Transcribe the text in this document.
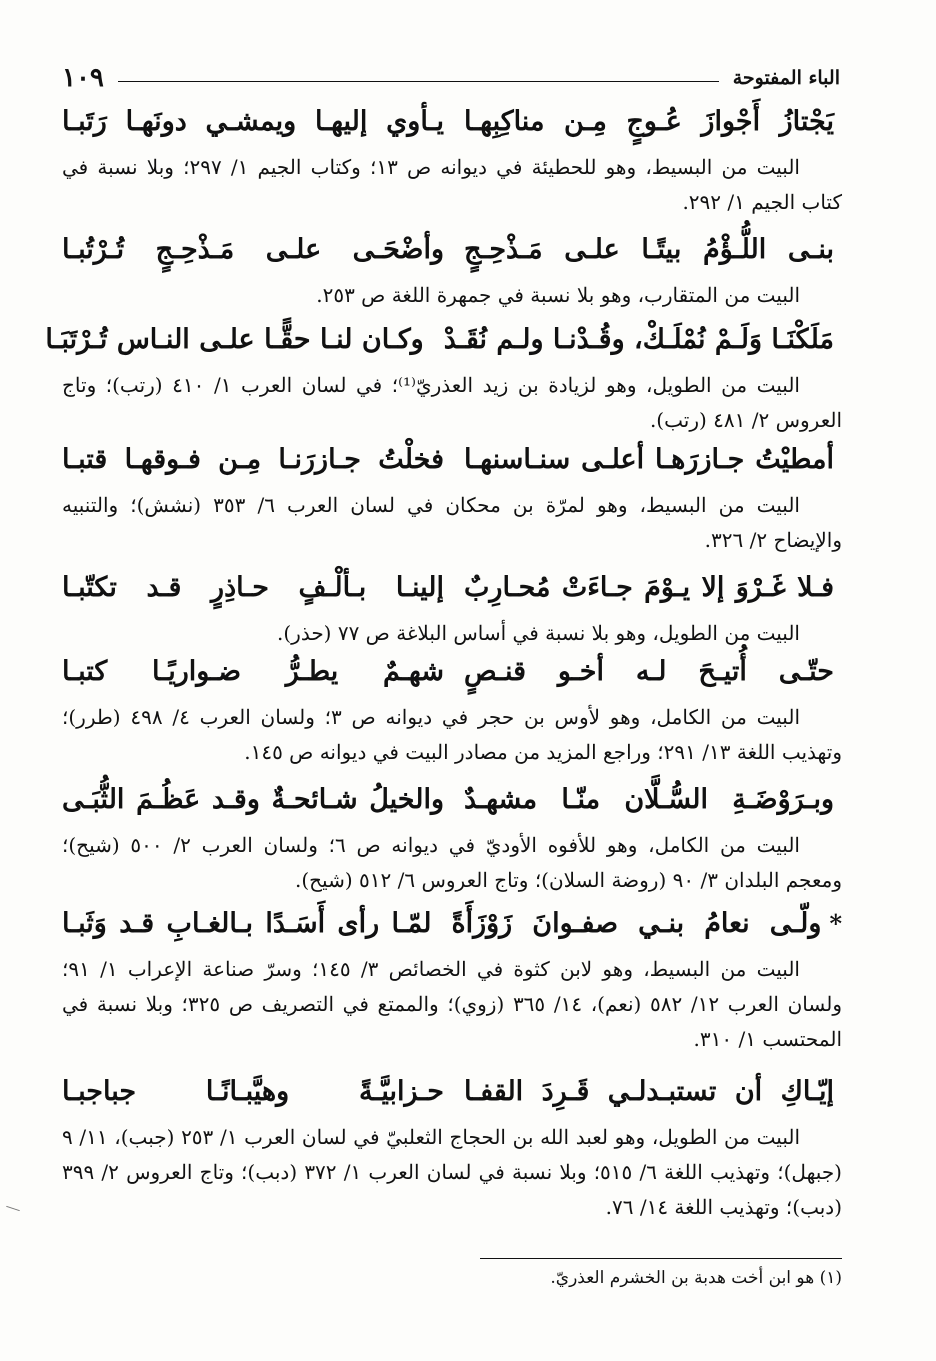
الباء المفتوحة
١٠٩
يَجْتازُ أَجْوازَ عُـوجٍ مِـن مناكِبِهـا
يـأوي إليهـا ويمشـي دونَهـا رَتَبـا

البيت من البسيط، وهو للحطيئة في ديوانه ص ١٣؛ وكتاب الجيم ١/ ٢٩٧؛ وبلا نسبة في كتاب الجيم ١/ ٢٩٢.

بنـى اللُّـؤْمُ بيتًـا علـى مَـذْحِـجٍ
وأضْحَـى علـى مَـذْحِـجٍ تُـرْتُبـا

البيت من المتقارب، وهو بلا نسبة في جمهرة اللغة ص ٢٥٣.

مَلَكْنَـا وَلَـمْ نُمْلَـكْ، وقُـدْنـا ولـم نُقَـدْ
وكـان لنـا حقًّـا علـى النـاس تُـرْتَبَـا

البيت من الطويل، وهو لزيادة بن زيد العذريّ⁽¹⁾؛ في لسان العرب ١/ ٤١٠ (رتب)؛ وتاج العروس ٢/ ٤٨١ (رتب).

أمطيْتُ جـازرَهـا أعلـى سنـاسنهـا
فخلْتُ جـازرَنـا مِـن فـوقهـا قتبـا

البيت من البسيط، وهو لمرّة بن محكان في لسان العرب ٦/ ٣٥٣ (نشش)؛ والتنبيه والإيضاح ٢/ ٣٢٦.

فـلا غَـرْوَ إلا يـوْمَ جـاءَتْ مُحـارِبٌ
إلينـا بـألْـفٍ حـاذِرٍ قـد تكتّبـا

البيت من الطويل، وهو بلا نسبة في أساس البلاغة ص ٧٧ (حذر).

حتّـى أُتيـحَ لـه أخـو قنـصٍ
شهـمٌ يطـرُّ ضـواريًـا كتبـا

البيت من الكامل، وهو لأوس بن حجر في ديوانه ص ٣؛ ولسان العرب ٤/ ٤٩٨ (طرر)؛ وتهذيب اللغة ١٣/ ٢٩١؛ وراجع المزيد من مصادر البيت في ديوانه ص ١٤٥.

وبـرَوْضَـةِ السُّـلَّان منّـا مشهـدٌ
والخيلُ شـائحـةٌ وقـد عَظُـمَ الثُّبَـى

البيت من الكامل، وهو للأفوه الأوديّ في ديوانه ص ٦؛ ولسان العرب ٢/ ٥٠٠ (شيح)؛ ومعجم البلدان ٣/ ٩٠ (روضة السلان)؛ وتاج العروس ٦/ ٥١٢ (شيح).

*
ولّـى نعامُ بنـي صفـوانَ زَوْزَأَةً
لمّـا رأى أَسَـدًا بـالغـابِ قـد وَثَبـا

البيت من البسيط، وهو لابن كثوة في الخصائص ٣/ ١٤٥؛ وسرّ صناعة الإعراب ١/ ٩١؛ ولسان العرب ١٢/ ٥٨٢ (نعم)، ١٤/ ٣٦٥ (زوي)؛ والممتع في التصريف ص ٣٢٥؛ وبلا نسبة في المحتسب ١/ ٣١٠.

إيّـاكِ أن تستبـدلـي قَـرِدَ القفـا
حـزابيَّـةً وهيَّبـانًـا جباجبـا

البيت من الطويل، وهو لعبد الله بن الحجاج الثعلبيّ في لسان العرب ١/ ٢٥٣ (جبب)، ١١/ ٩ (جبهل)؛ وتهذيب اللغة ٦/ ٥١٥؛ وبلا نسبة في لسان العرب ١/ ٣٧٢ (دبب)؛ وتاج العروس ٢/ ٣٩٩ (دبب)؛ وتهذيب اللغة ١٤/ ٧٦.

(١) هو ابن أخت هدبة بن الخشرم العذريّ.
